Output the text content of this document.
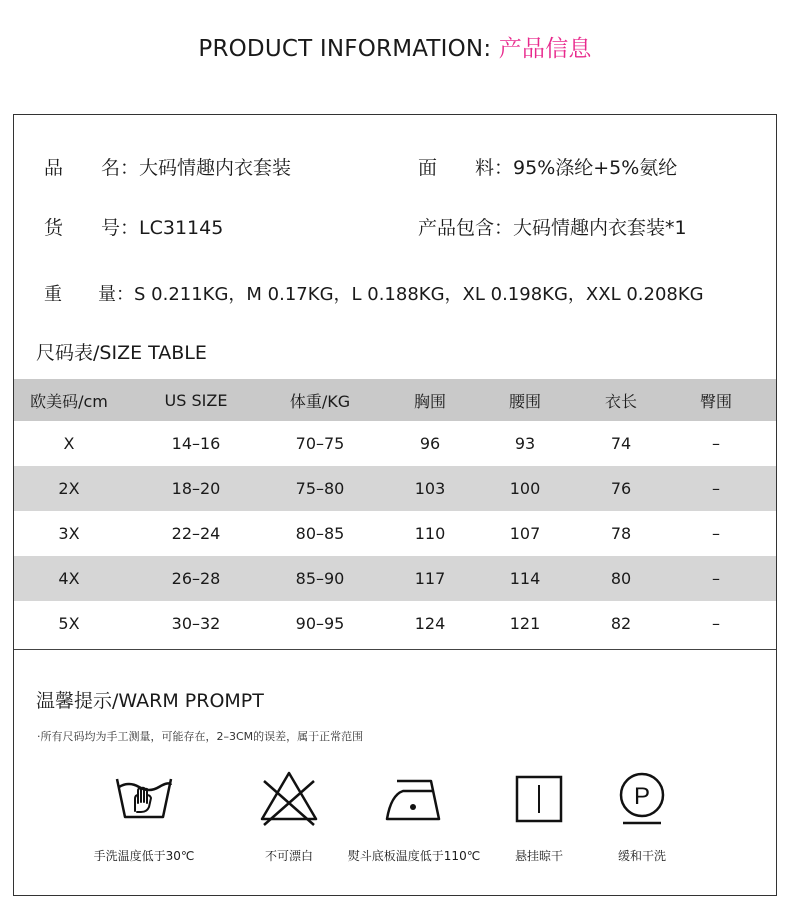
PRODUCT INFORMATION: 产品信息
品　　名：大码情趣内衣套装	面　　料：95%涤纶+5%氨纶
货　　号：LC31145	产品包含：大码情趣内衣套装*1
重　　量：S 0.211KG，M 0.17KG，L 0.188KG，XL 0.198KG，XXL 0.208KG
尺码表/SIZE TABLE
欧美码/cm	US SIZE	体重/KG	胸围	腰围	衣长	臀围
X	14–16	70–75	96	93	74	–
2X	18–20	75–80	103	100	76	–
3X	22–24	80–85	110	107	78	–
4X	26–28	85–90	117	114	80	–
5X	30–32	90–95	124	121	82	–
温馨提示/WARM PROMPT
·所有尺码均为手工测量，可能存在，2–3CM的误差，属于正常范围
手洗温度低于30℃	不可漂白	熨斗底板温度低于110℃	悬挂晾干
P
缓和干洗
